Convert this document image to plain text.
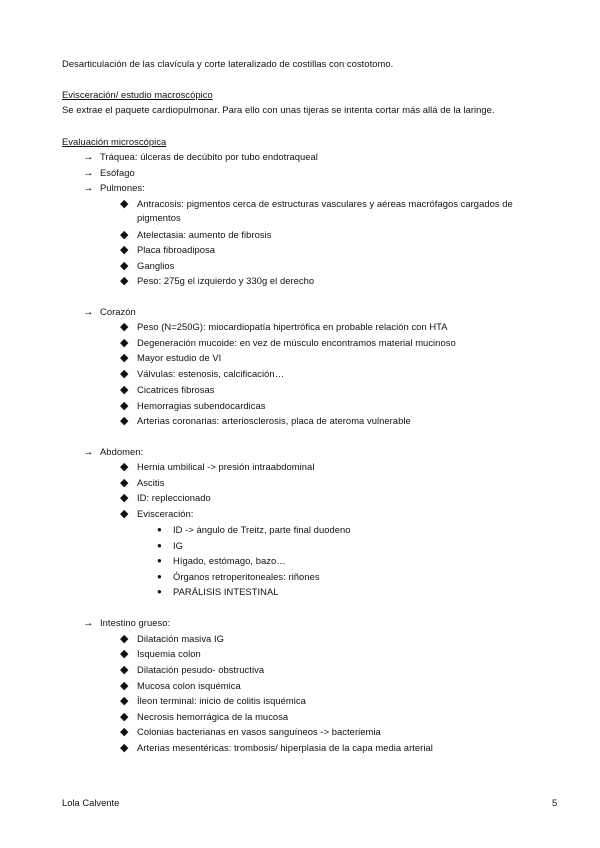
Desarticulación de las clavícula y corte lateralizado de costillas con costotomo.
Evisceración/ estudio macroscópico
Se extrae el paquete cardiopulmonar. Para ello con unas tijeras se intenta cortar más allá de la laringe.
Evaluación microscópica
→ Tráquea: úlceras de decúbito por tubo endotraqueal
→ Esófago
→ Pulmones:
◆ Antracosis: pigmentos cerca de estructuras vasculares y aéreas macrófagos cargados de
pigmentos
◆ Atelectasia: aumento de fibrosis
◆ Placa fibroadiposa
◆ Ganglios
◆ Peso: 275g el izquierdo y 330g el derecho
→ Corazón
◆ Peso (N=250G): miocardiopatía hipertrófica en probable relación con HTA
◆ Degeneración mucoide: en vez de músculo encontramos material mucinoso
◆ Mayor estudio de VI
◆ Válvulas: estenosis, calcificación…
◆ Cicatrices fibrosas
◆ Hemorragias subendocardicas
◆ Arterias coronarias: arteriosclerosis, placa de ateroma vulnerable
→ Abdomen:
◆ Hernia umbilical -> presión intraabdominal
◆ Ascitis
◆ ID: repleccionado
◆ Evisceración:
● ID -> ángulo de Treitz, parte final duodeno
● IG
● Hígado, estómago, bazo…
● Órganos retroperitoneales: riñones
● PARÁLISIS INTESTINAL
→ Intestino grueso:
◆ Dilatación masiva IG
◆ Isquemia colon
◆ Dilatación pesudo- obstructiva
◆ Mucosa colon isquémica
◆ Íleon terminal: inicio de colitis isquémica
◆ Necrosis hemorrágica de la mucosa
◆ Colonias bacterianas en vasos sanguíneos -> bacteriemia
◆ Arterias mesentéricas: trombosis/ hiperplasia de la capa media arterial
Lola Calvente	5
